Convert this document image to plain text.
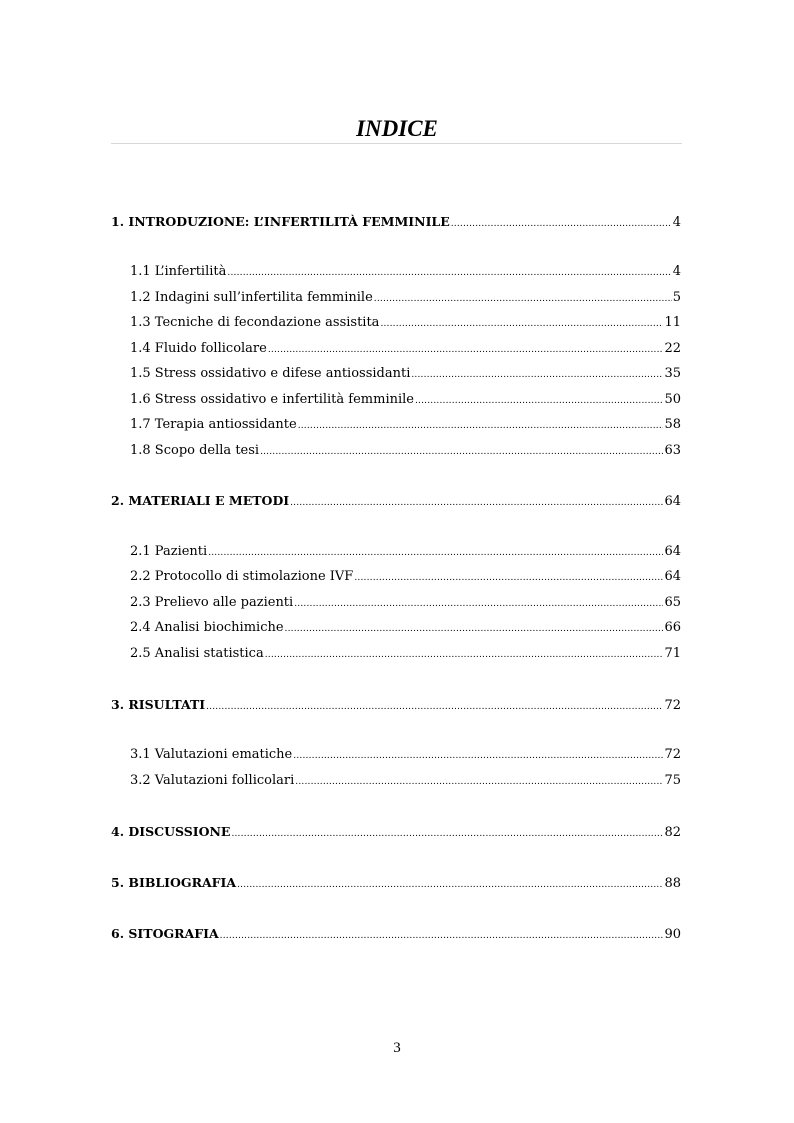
INDICE
1. INTRODUZIONE: L’INFERTILITÀ FEMMINILE .....	4
1.1 L’infertilità .....	4
1.2 Indagini sull’infertilita femminile .....	5
1.3 Tecniche di fecondazione assistita .....	11
1.4 Fluido follicolare .....	22
1.5 Stress ossidativo e difese antiossidanti .....	35
1.6 Stress ossidativo e infertilità femminile .....	50
1.7 Terapia antiossidante .....	58
1.8 Scopo della tesi .....	63
2. MATERIALI E METODI .....	64
2.1 Pazienti .....	64
2.2 Protocollo di stimolazione IVF .....	64
2.3 Prelievo alle pazienti .....	65
2.4 Analisi biochimiche .....	66
2.5 Analisi statistica .....	71
3. RISULTATI .....	72
3.1 Valutazioni ematiche .....	72
3.2 Valutazioni follicolari .....	75
4. DISCUSSIONE .....	82
5. BIBLIOGRAFIA .....	88
6. SITOGRAFIA .....	90
3
